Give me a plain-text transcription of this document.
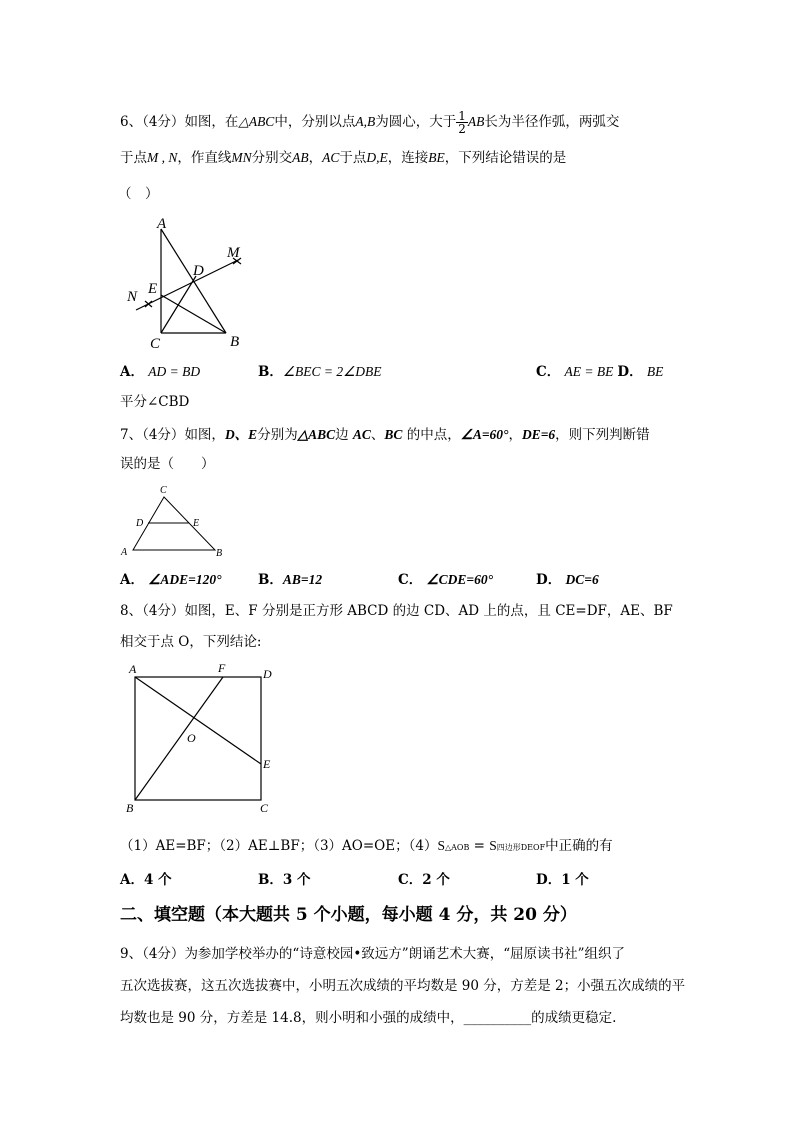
6、（4分）如图，在△ABC中，分别以点A,B为圆心，大于 $\frac{1}{2}$ AB长为半径作弧，两弧交
于点M , N，作直线MN分别交AB，AC于点D,E，连接BE，下列结论错误的是
（　）
A
M
D
N E
C	B
A． AD = BD	B．∠BEC = 2∠DBE	C． AE = BE D． BE
平分∠CBD
7、（4分）如图，D、E分别为△ABC边 AC、BC 的中点，∠A=60°，DE=6，则下列判断错
误的是（　　）
C
D	E
A	B
A． ∠ADE=120°	B．AB=12	C． ∠CDE=60°	D． DC=6
8、（4分）如图，E、F 分别是正方形 ABCD 的边 CD、AD 上的点，且 CE=DF，AE、BF
相交于点 O，下列结论:
A	F	D
O
E
B	C
（1）AE=BF；（2）AE⊥BF；（3）AO=OE；（4）S△AOB = S四边形DEOF中正确的有
A．4 个	B．3 个	C．2 个	D．1 个
二、填空题（本大题共 5 个小题，每小题 4 分，共 20 分）
9、（4分）为参加学校举办的“诗意校园•致远方”朗诵艺术大赛，“屈原读书社”组织了
五次选拔赛，这五次选拔赛中，小明五次成绩的平均数是 90 分，方差是 2；小强五次成绩的平
均数也是 90 分，方差是 14.8，则小明和小强的成绩中，__________的成绩更稳定.
